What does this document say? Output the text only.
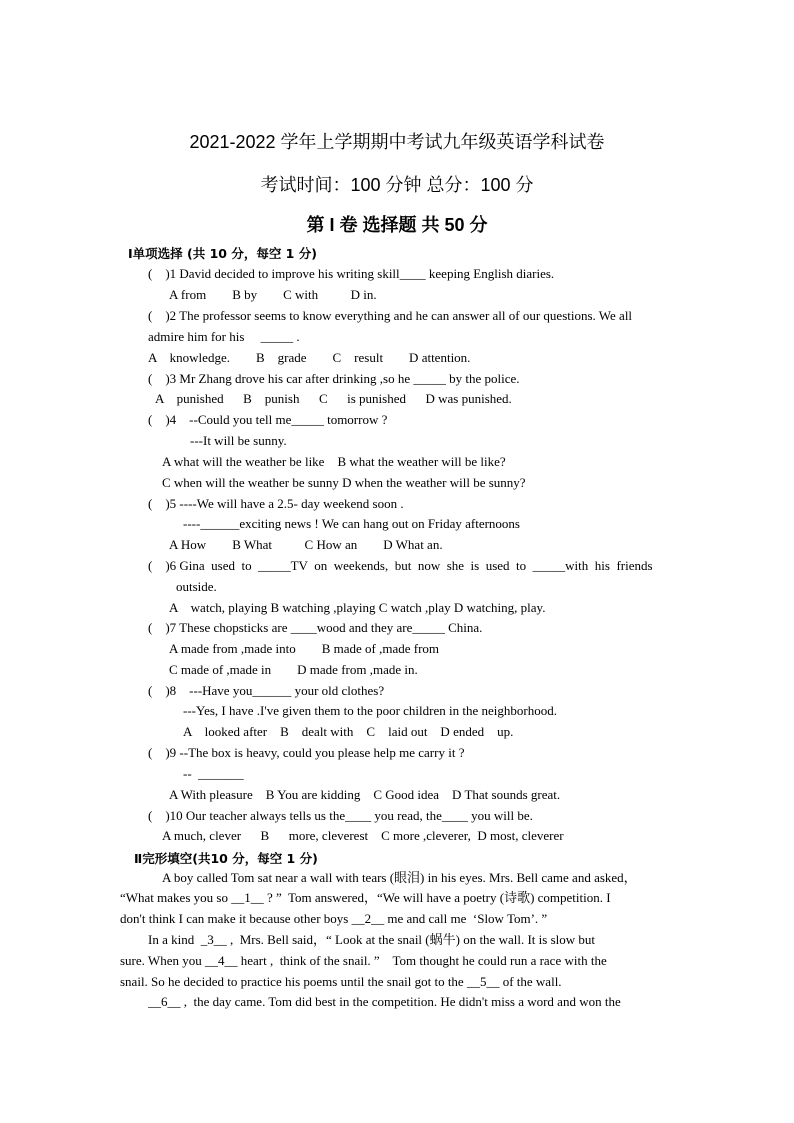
2021-2022 学年上学期期中考试九年级英语学科试卷
考试时间：100 分钟 总分：100 分
第 I 卷 选择题 共 50 分
Ⅰ单项选择 (共 10 分，每空 1 分)
(    )1 David decided to improve his writing skill____ keeping English diaries.
A from        B by        C with          D in.
(    )2 The professor seems to know everything and he can answer all of our questions. We all
admire him for his     _____ .
A    knowledge.        B    grade        C    result        D attention.
(    )3 Mr Zhang drove his car after drinking ,so he _____ by the police.
A    punished      B    punish      C      is punished      D was punished.
(    )4    --Could you tell me_____ tomorrow ?
---It will be sunny.
A what will the weather be like    B what the weather will be like?
C when will the weather be sunny D when the weather will be sunny?
(    )5 ----We will have a 2.5- day weekend soon .
----______exciting news ! We can hang out on Friday afternoons
A How        B What          C How an        D What an.
(    )6 Gina  used  to  _____TV  on  weekends,  but  now  she  is  used  to  _____with  his  friends
outside.
A    watch, playing B watching ,playing C watch ,play D watching, play.
(    )7 These chopsticks are ____wood and they are_____ China.
A made from ,made into        B made of ,made from
C made of ,made in        D made from ,made in.
(    )8    ---Have you______ your old clothes?
---Yes, I have .I've given them to the poor children in the neighborhood.
A    looked after    B    dealt with    C    laid out    D ended    up.
(    )9 --The box is heavy, could you please help me carry it ?
--  _______
A With pleasure    B You are kidding    C Good idea    D That sounds great.
(    )10 Our teacher always tells us the____ you read, the____ you will be.
A much, clever      B      more, cleverest    C more ,cleverer,  D most, cleverer
Ⅱ完形填空(共10 分，每空 1 分)
A boy called Tom sat near a wall with tears (眼泪) in his eyes. Mrs. Bell came and asked，
“What makes you so __1__ ? ”  Tom answered，“We will have a poetry (诗歌) competition. I
don't think I can make it because other boys __2__ me and call me  ‘Slow Tom’. ”
In a kind  _3__ ,  Mrs. Bell said，“ Look at the snail (蜗牛) on the wall. It is slow but
sure. When you __4__ heart ,  think of the snail. ”    Tom thought he could run a race with the
snail. So he decided to practice his poems until the snail got to the __5__ of the wall.
__6__ ,  the day came. Tom did best in the competition. He didn't miss a word and won the
